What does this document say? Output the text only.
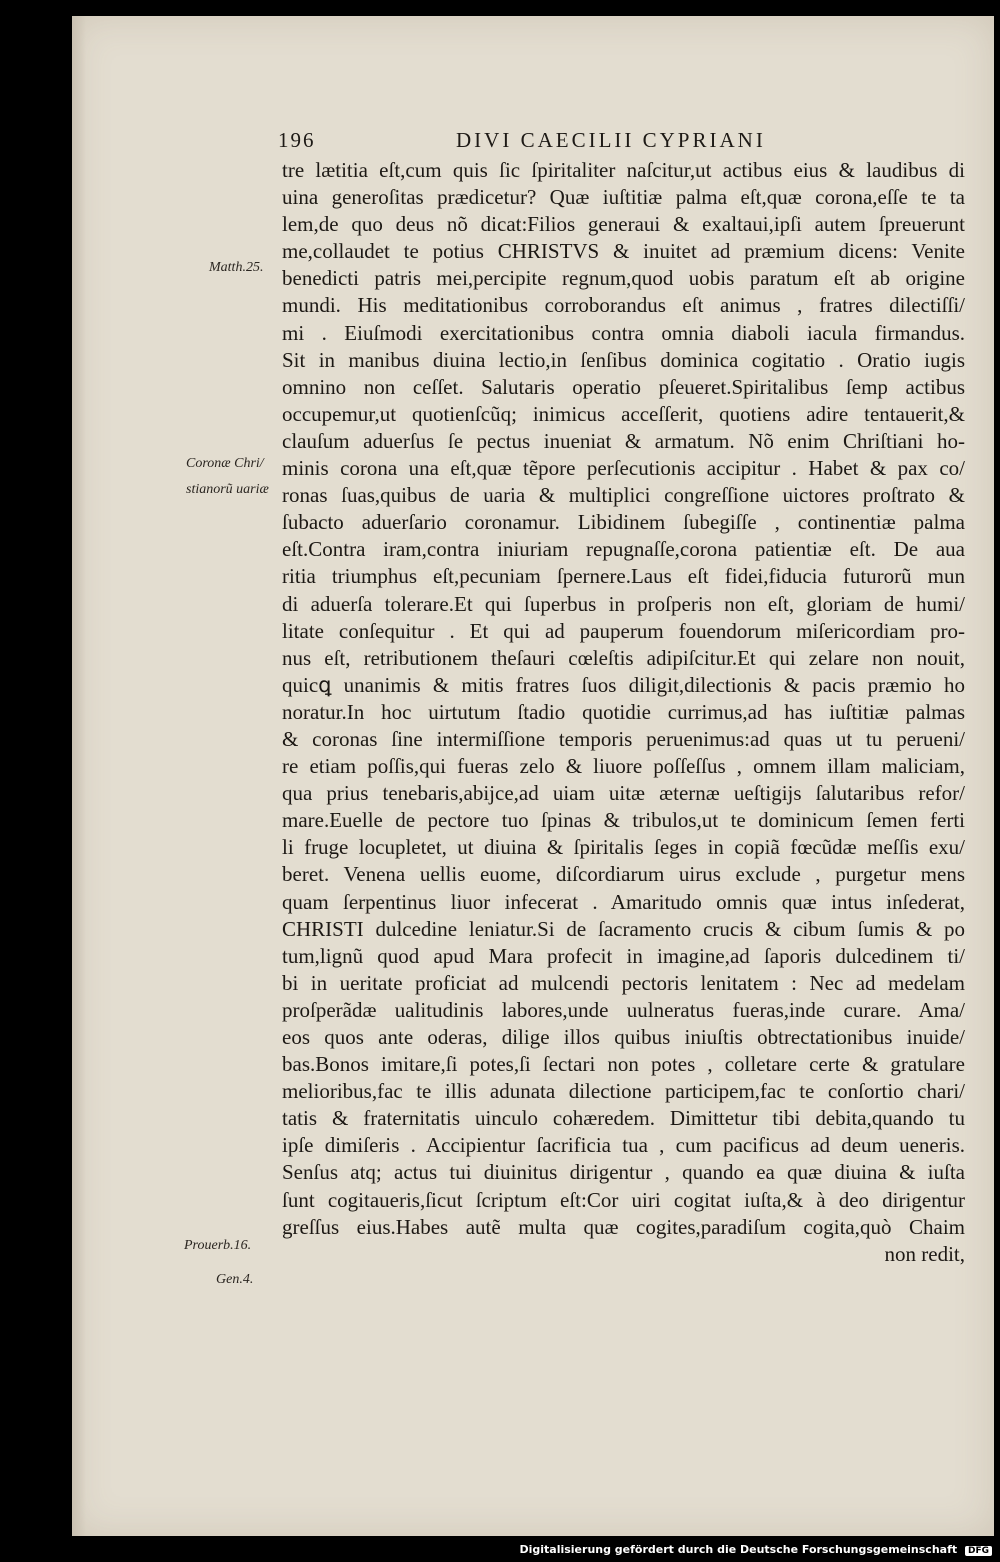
196	DIVI CAECILII CYPRIANI
Matth.25.
Coronæ Chri/
stianorũ uariæ
Prouerb.16.
Gen.4.
tre lætitia eſt,cum quis ſic ſpiritaliter naſcitur,ut actibus eius & laudibus di
uina generoſitas prædicetur? Quæ iuſtitiæ palma eſt,quæ corona,eſſe te ta
lem,de quo deus nõ dicat:Filios generaui & exaltaui,ipſi autem ſpreuerunt
me,collaudet te potius CHRISTVS & inuitet ad præmium dicens: Venite
benedicti patris mei,percipite regnum,quod uobis paratum eſt ab origine
mundi. His meditationibus corroborandus eſt animus , fratres dilectiſſi/
mi . Eiuſmodi exercitationibus contra omnia diaboli iacula firmandus.
Sit in manibus diuina lectio,in ſenſibus dominica cogitatio . Oratio iugis
omnino non ceſſet. Salutaris operatio pſeueret.Spiritalibus ſemp actibus
occupemur,ut quotienſcũq; inimicus acceſſerit, quotiens adire tentauerit,&
clauſum aduerſus ſe pectus inueniat & armatum. Nõ enim Chriſtiani ho-
minis corona una eſt,quæ tẽpore perſecutionis accipitur . Habet & pax co/
ronas ſuas,quibus de uaria & multiplici congreſſione uictores proſtrato &
ſubacto aduerſario coronamur. Libidinem ſubegiſſe , continentiæ palma
eſt.Contra iram,contra iniuriam repugnaſſe,corona patientiæ eſt. De aua
ritia triumphus eſt,pecuniam ſpernere.Laus eſt fidei,fiducia futurorũ mun
di aduerſa tolerare.Et qui ſuperbus in proſperis non eſt, gloriam de humi/
litate conſequitur . Et qui ad pauperum fouendorum miſericordiam pro-
nus eſt, retributionem theſauri cœleſtis adipiſcitur.Et qui zelare non nouit,
quicꝗ unanimis & mitis fratres ſuos diligit,dilectionis & pacis præmio ho
noratur.In hoc uirtutum ſtadio quotidie currimus,ad has iuſtitiæ palmas
& coronas ſine intermiſſione temporis peruenimus:ad quas ut tu perueni/
re etiam poſſis,qui fueras zelo & liuore poſſeſſus , omnem illam maliciam,
qua prius tenebaris,abijce,ad uiam uitæ æternæ ueſtigijs ſalutaribus refor/
mare.Euelle de pectore tuo ſpinas & tribulos,ut te dominicum ſemen ferti
li fruge locupletet, ut diuina & ſpiritalis ſeges in copiã fœcũdæ meſſis exu/
beret. Venena uellis euome, diſcordiarum uirus exclude , purgetur mens
quam ſerpentinus liuor infecerat . Amaritudo omnis quæ intus inſederat,
CHRISTI dulcedine leniatur.Si de ſacramento crucis & cibum ſumis & po
tum,lignũ quod apud Mara profecit in imagine,ad ſaporis dulcedinem ti/
bi in ueritate proficiat ad mulcendi pectoris lenitatem : Nec ad medelam
proſperãdæ ualitudinis labores,unde uulneratus fueras,inde curare. Ama/
eos quos ante oderas, dilige illos quibus iniuſtis obtrectationibus inuide/
bas.Bonos imitare,ſi potes,ſi ſectari non potes , colletare certe & gratulare
melioribus,fac te illis adunata dilectione participem,fac te conſortio chari/
tatis & fraternitatis uinculo cohæredem. Dimittetur tibi debita,quando tu
ipſe dimiſeris . Accipientur ſacrificia tua , cum pacificus ad deum ueneris.
Senſus atq; actus tui diuinitus dirigentur , quando ea quæ diuina & iuſta
ſunt cogitaueris,ſicut ſcriptum eſt:Cor uiri cogitat iuſta,& à deo dirigentur
greſſus eius.Habes autẽ multa quæ cogites,paradiſum cogita,quò Chaim
non redit,
Digitalisierung gefördert durch die Deutsche Forschungsgemeinschaft DFG
